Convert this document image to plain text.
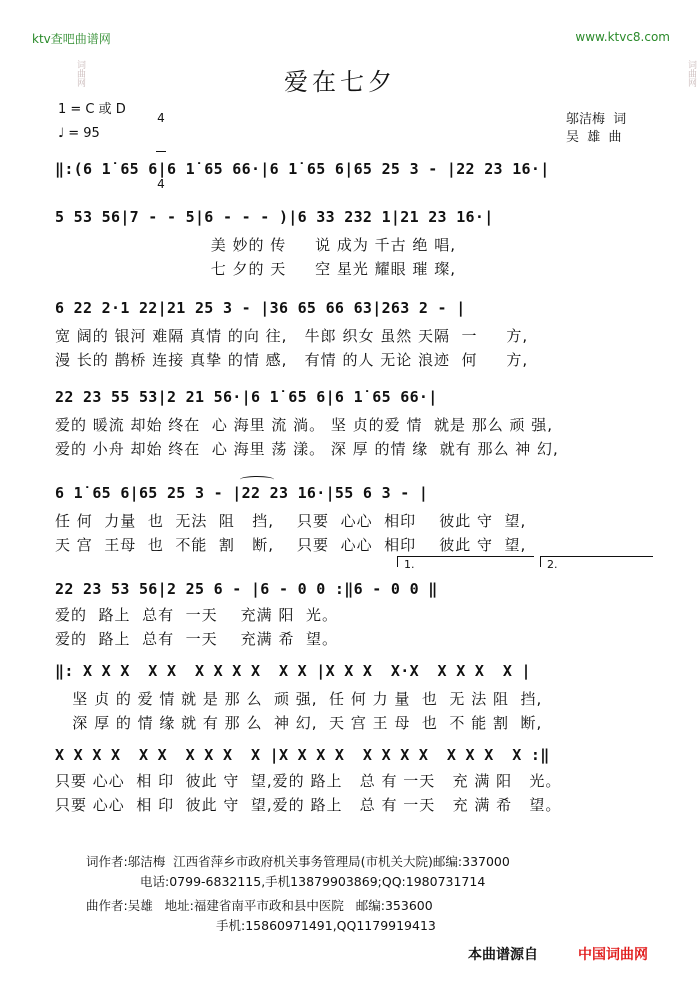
ktv查吧曲谱网	www.ktvc8.com
词曲网	词曲网
爱在七夕
1 = C 或 D

4

4

♩ = 95
邬洁梅  词
吴  雄  曲
‖:(6 1̇ 65 6|6 1̇ 65 66·|6 1̇ 65 6|65 25 3 - |22 23 16·|
5 53 56|7 - - 5|6 - - - )|6 33 232 1|21 23 16·|
美 妙的 传     说 成为 千古 绝 唱,
七 夕的 天     空 星光 耀眼 璀 璨,
6 22 2·1 22|21 25 3 - |36 65 66 63|263 2 - |
宽 阔的 银河 难隔 真情 的向 往,   牛郎 织女 虽然 天隔  一     方,
漫 长的 鹊桥 连接 真挚 的情 感,   有情 的人 无论 浪迹  何     方,
22 23 55 53|2 21 56·|6 1̇ 65 6|6 1̇ 65 66·|
爱的 暖流 却始 终在  心 海里 流 淌。 坚 贞的爱 情  就是 那么 顽 强,
爱的 小舟 却始 终在  心 海里 荡 漾。 深 厚 的情 缘  就有 那么 神 幻,
6 1̇ 65 6|65 25 3 - |22 23 16·|55 6 3 - |
任 何  力量  也  无法  阻   挡,    只要  心心  相印    彼此 守  望,
天 宫  王母  也  不能  割   断,    只要  心心  相印    彼此 守  望,
1.	2.
22 23 53 56|2 25 6 - |6 - 0 0 :‖6 - 0 0 ‖
爱的  路上  总有  一天    充满 阳  光。
爱的  路上  总有  一天    充满 希  望。
‖: X X X  X X  X X X X  X X |X X X  X·X  X X X  X |
坚 贞 的 爱 情 就 是 那 么  顽 强,  任 何 力 量  也  无 法 阻  挡,
深 厚 的 情 缘 就 有 那 么  神 幻,  天 宫 王 母  也  不 能 割  断,
X X X X  X X  X X X  X |X X X X  X X X X  X X X  X :‖
只要 心心  相 印  彼此 守  望,爱的 路上   总 有 一天   充 满 阳   光。
只要 心心  相 印  彼此 守  望,爱的 路上   总 有 一天   充 满 希   望。
词作者:邬洁梅  江西省萍乡市政府机关事务管理局(市机关大院)邮编:337000
电话:0799-6832115,手机13879903869;QQ:1980731714
曲作者:吴雄   地址:福建省南平市政和县中医院   邮编:353600
手机:15860971491,QQ1179919413
本曲谱源自	中国词曲网
